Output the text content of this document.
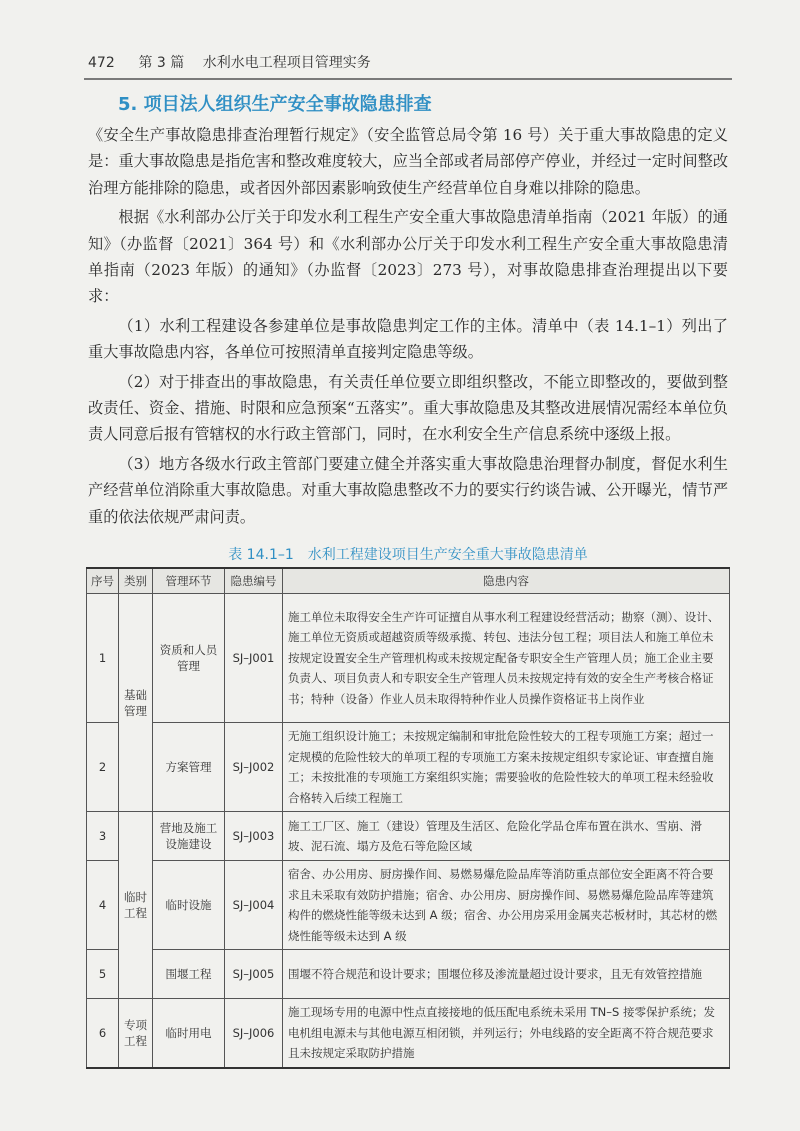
472 第 3 篇 水利水电工程项目管理实务
5. 项目法人组织生产安全事故隐患排查

《安全生产事故隐患排查治理暂行规定》（安全监管总局令第 16 号）关于重大事故隐患的定义是：重大事故隐患是指危害和整改难度较大，应当全部或者局部停产停业，并经过一定时间整改治理方能排除的隐患，或者因外部因素影响致使生产经营单位自身难以排除的隐患。

根据《水利部办公厅关于印发水利工程生产安全重大事故隐患清单指南（2021 年版）的通知》（办监督〔2021〕364 号）和《水利部办公厅关于印发水利工程生产安全重大事故隐患清单指南（2023 年版）的通知》（办监督〔2023〕273 号），对事故隐患排查治理提出以下要求：

（1）水利工程建设各参建单位是事故隐患判定工作的主体。清单中（表 14.1–1）列出了重大事故隐患内容，各单位可按照清单直接判定隐患等级。

（2）对于排查出的事故隐患，有关责任单位要立即组织整改，不能立即整改的，要做到整改责任、资金、措施、时限和应急预案“五落实”。重大事故隐患及其整改进展情况需经本单位负责人同意后报有管辖权的水行政主管部门，同时，在水利安全生产信息系统中逐级上报。

（3）地方各级水行政主管部门要建立健全并落实重大事故隐患治理督办制度，督促水利生产经营单位消除重大事故隐患。对重大事故隐患整改不力的要实行约谈告诫、公开曝光，情节严重的依法依规严肃问责。

表 14.1–1 水利工程建设项目生产安全重大事故隐患清单
序号	类别	管理环节	隐患编号	隐患内容
1	基础管理	资质和人员管理	SJ–J001	施工单位未取得安全生产许可证擅自从事水利工程建设经营活动；勘察（测）、设计、施工单位无资质或超越资质等级承揽、转包、违法分包工程；项目法人和施工单位未按规定设置安全生产管理机构或未按规定配备专职安全生产管理人员；施工企业主要负责人、项目负责人和专职安全生产管理人员未按规定持有效的安全生产考核合格证书；特种（设备）作业人员未取得特种作业人员操作资格证书上岗作业
2		方案管理	SJ–J002	无施工组织设计施工；未按规定编制和审批危险性较大的工程专项施工方案；超过一定规模的危险性较大的单项工程的专项施工方案未按规定组织专家论证、审查擅自施工；未按批准的专项施工方案组织实施；需要验收的危险性较大的单项工程未经验收合格转入后续工程施工
3	临时工程	营地及施工设施建设	SJ–J003	施工工厂区、施工（建设）管理及生活区、危险化学品仓库布置在洪水、雪崩、滑坡、泥石流、塌方及危石等危险区域
4		临时设施	SJ–J004	宿舍、办公用房、厨房操作间、易燃易爆危险品库等消防重点部位安全距离不符合要求且未采取有效防护措施；宿舍、办公用房、厨房操作间、易燃易爆危险品库等建筑构件的燃烧性能等级未达到 A 级；宿舍、办公用房采用金属夹芯板材时，其芯材的燃烧性能等级未达到 A 级
5		围堰工程	SJ–J005	围堰不符合规范和设计要求；围堰位移及渗流量超过设计要求，且无有效管控措施
6	专项工程	临时用电	SJ–J006	施工现场专用的电源中性点直接接地的低压配电系统未采用 TN–S 接零保护系统；发电机组电源未与其他电源互相闭锁，并列运行；外电线路的安全距离不符合规范要求且未按规定采取防护措施
